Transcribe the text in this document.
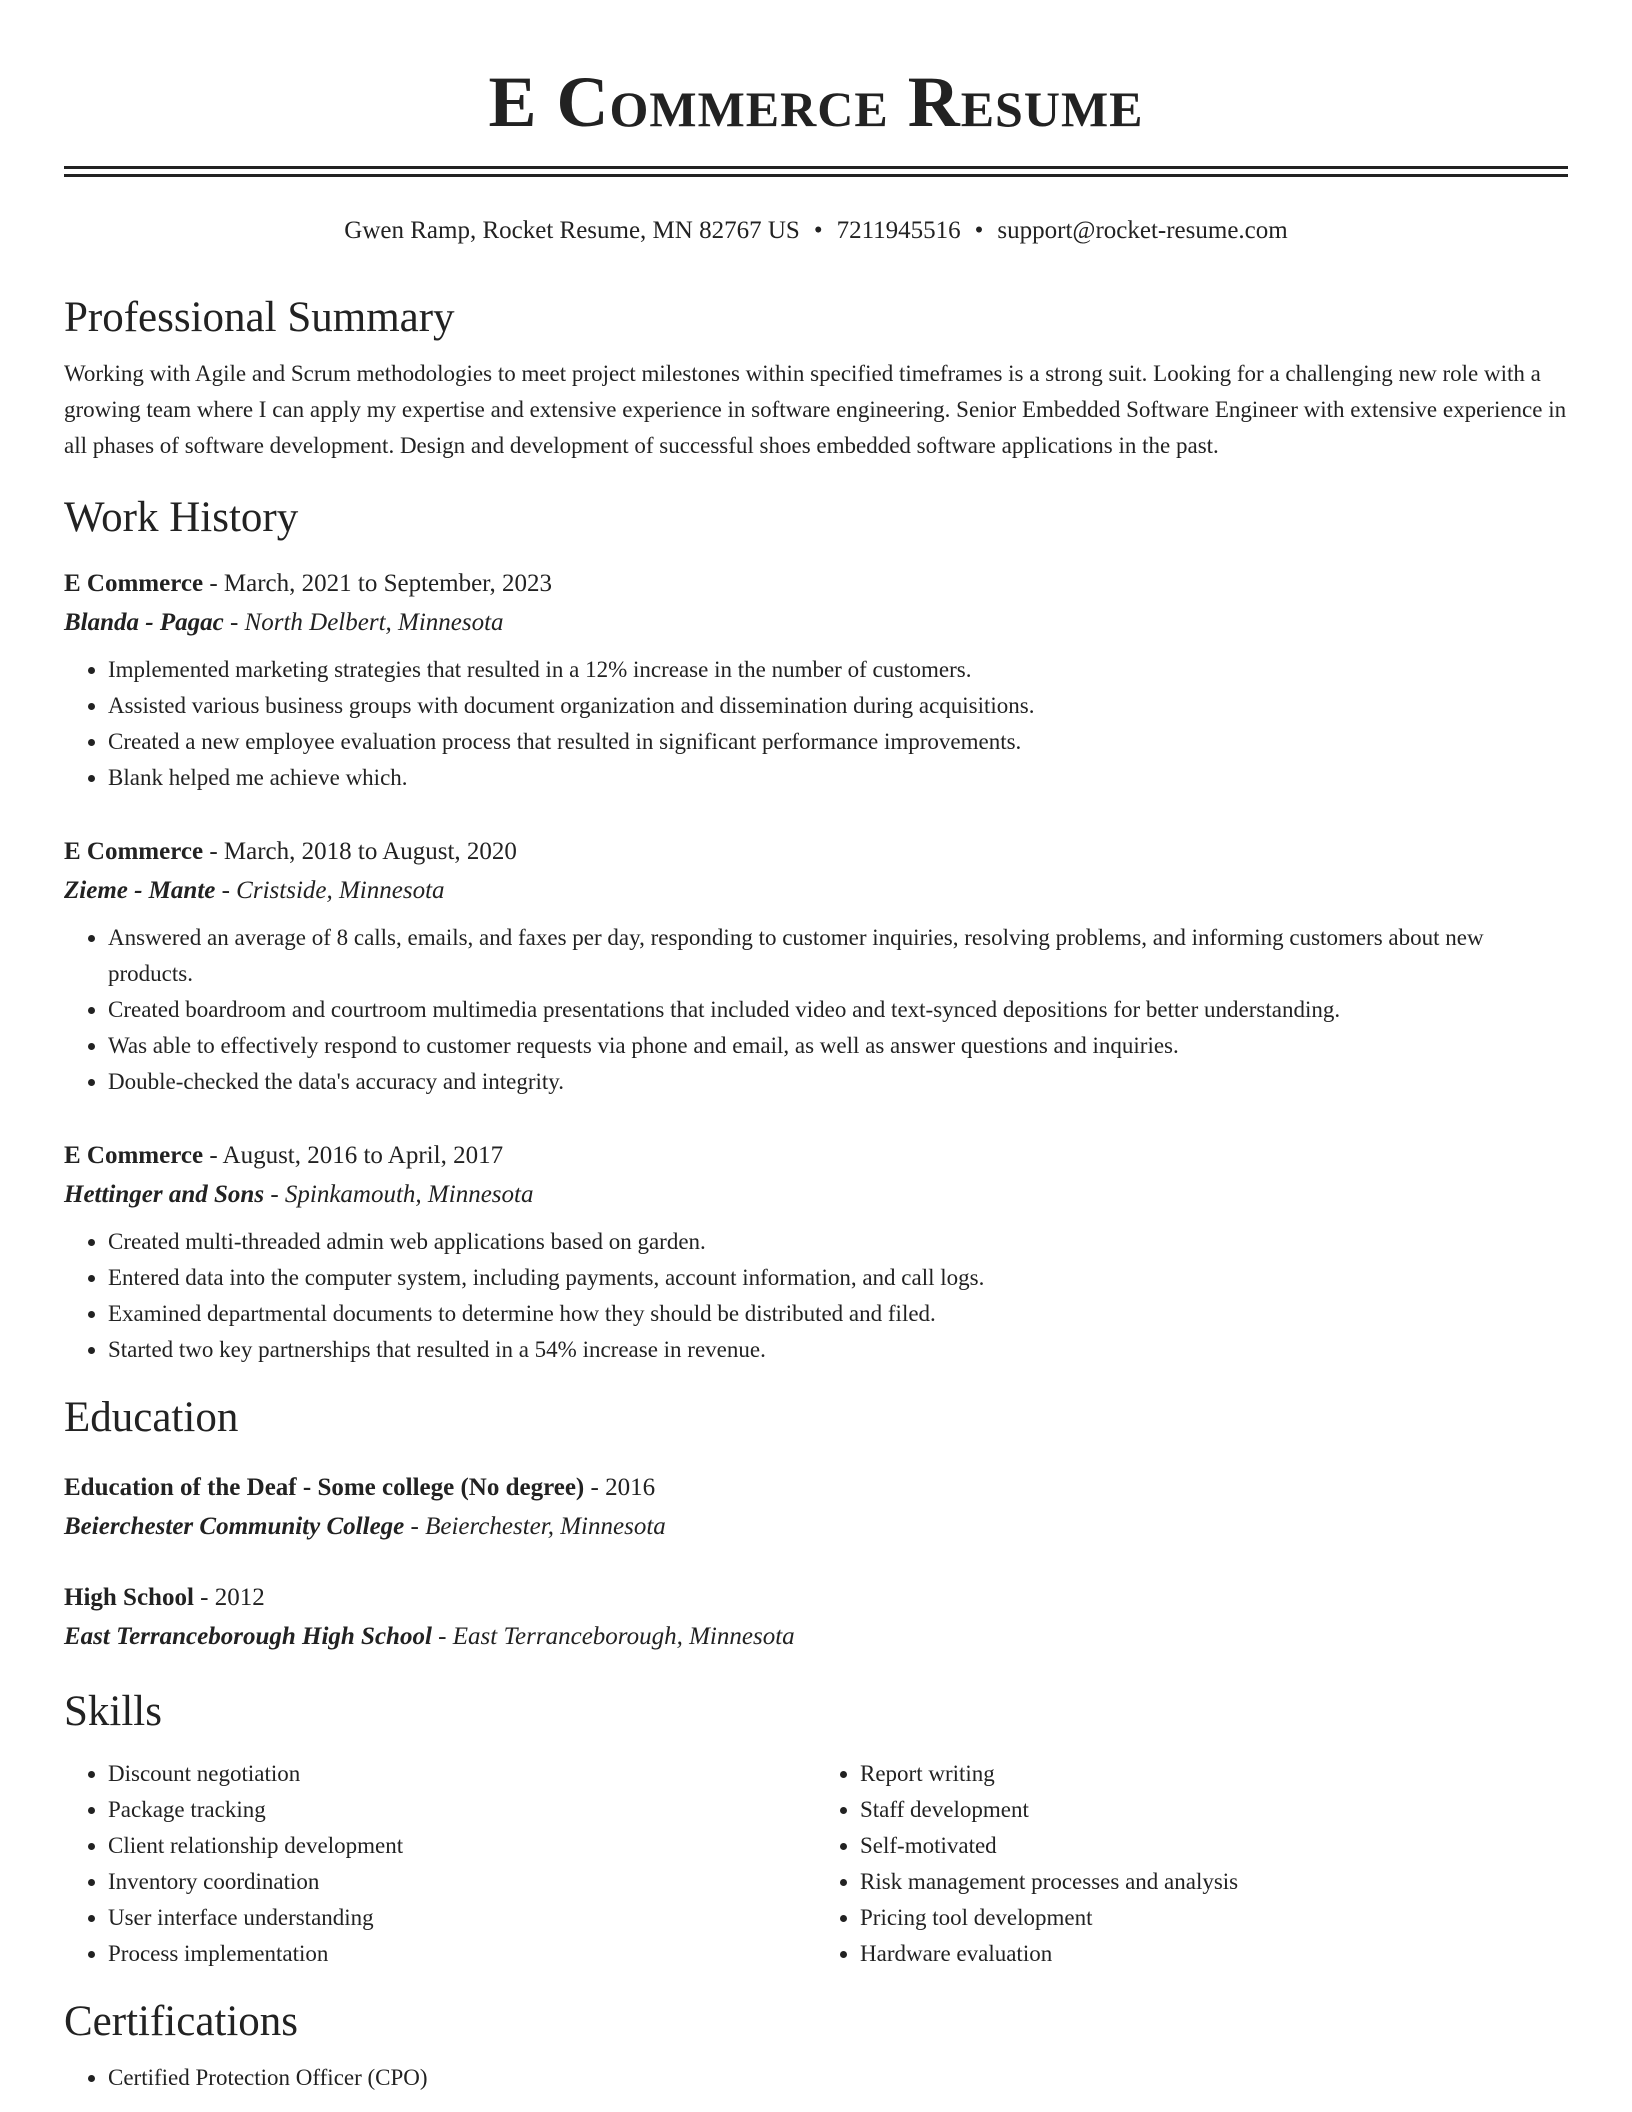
E Commerce Resume
Gwen Ramp, Rocket Resume, MN 82767 US • 7211945516 • support@rocket-resume.com
Professional Summary
Working with Agile and Scrum methodologies to meet project milestones within specified timeframes is a strong suit. Looking for a challenging new role with a growing team where I can apply my expertise and extensive experience in software engineering. Senior Embedded Software Engineer with extensive experience in all phases of software development. Design and development of successful shoes embedded software applications in the past.
Work History
E Commerce - March, 2021 to September, 2023
Blanda - Pagac - North Delbert, Minnesota
• Implemented marketing strategies that resulted in a 12% increase in the number of customers.
• Assisted various business groups with document organization and dissemination during acquisitions.
• Created a new employee evaluation process that resulted in significant performance improvements.
• Blank helped me achieve which.
E Commerce - March, 2018 to August, 2020
Zieme - Mante - Cristside, Minnesota
• Answered an average of 8 calls, emails, and faxes per day, responding to customer inquiries, resolving problems, and informing customers about new products.
• Created boardroom and courtroom multimedia presentations that included video and text-synced depositions for better understanding.
• Was able to effectively respond to customer requests via phone and email, as well as answer questions and inquiries.
• Double-checked the data's accuracy and integrity.
E Commerce - August, 2016 to April, 2017
Hettinger and Sons - Spinkamouth, Minnesota
• Created multi-threaded admin web applications based on garden.
• Entered data into the computer system, including payments, account information, and call logs.
• Examined departmental documents to determine how they should be distributed and filed.
• Started two key partnerships that resulted in a 54% increase in revenue.
Education
Education of the Deaf - Some college (No degree) - 2016
Beierchester Community College - Beierchester, Minnesota
High School - 2012
East Terranceborough High School - East Terranceborough, Minnesota
Skills
• Discount negotiation
• Package tracking
• Client relationship development
• Inventory coordination
• User interface understanding
• Process implementation
• Report writing
• Staff development
• Self-motivated
• Risk management processes and analysis
• Pricing tool development
• Hardware evaluation
Certifications
• Certified Protection Officer (CPO)
